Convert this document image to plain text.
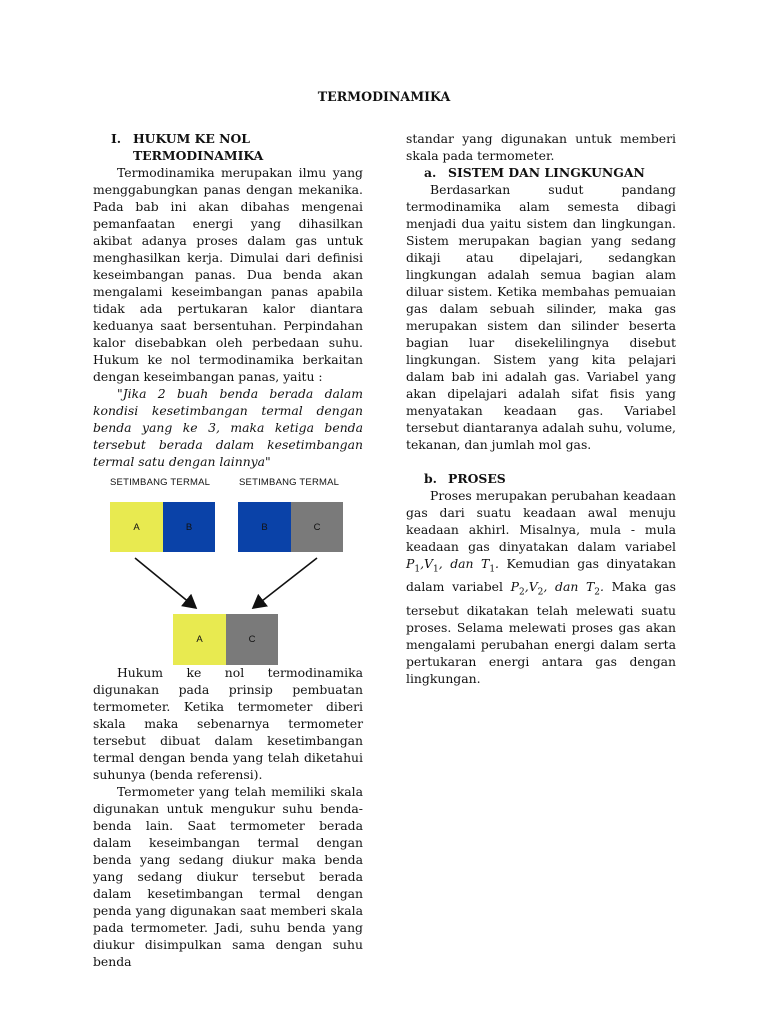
TERMODINAMIKA
I. HUKUM KE NOL TERMODINAMIKA

Termodinamika merupakan ilmu yang menggabungkan panas dengan mekanika. Pada bab ini akan dibahas mengenai pemanfaatan energi yang dihasilkan akibat adanya proses dalam gas untuk menghasilkan kerja. Dimulai dari definisi keseimbangan panas. Dua benda akan mengalami keseimbangan panas apabila tidak ada pertukaran kalor diantara keduanya saat bersentuhan. Perpindahan kalor disebabkan oleh perbedaan suhu. Hukum ke nol termodinamika berkaitan dengan keseimbangan panas, yaitu :

"Jika 2 buah benda berada dalam kondisi kesetimbangan termal dengan benda yang ke 3, maka ketiga benda tersebut berada dalam kesetimbangan termal satu dengan lainnya"

SETIMBANG TERMAL	SETIMBANG TERMAL
A	B	B	C
A	C

Hukum ke nol termodinamika digunakan pada prinsip pembuatan termometer. Ketika termometer diberi skala maka sebenarnya termometer tersebut dibuat dalam kesetimbangan termal dengan benda yang telah diketahui suhunya (benda referensi).

Termometer yang telah memiliki skala digunakan untuk mengukur suhu benda-benda lain. Saat termometer berada dalam keseimbangan termal dengan benda yang sedang diukur maka benda yang sedang diukur tersebut berada dalam kesetimbangan termal dengan penda yang digunakan saat memberi skala pada termometer. Jadi, suhu benda yang diukur disimpulkan sama dengan suhu benda

standar yang digunakan untuk memberi skala pada termometer.

a. SISTEM DAN LINGKUNGAN

Berdasarkan sudut pandang termodinamika alam semesta dibagi menjadi dua yaitu sistem dan lingkungan. Sistem merupakan bagian yang sedang dikaji atau dipelajari, sedangkan lingkungan adalah semua bagian alam diluar sistem. Ketika membahas pemuaian gas dalam sebuah silinder, maka gas merupakan sistem dan silinder beserta bagian luar disekelilingnya disebut lingkungan. Sistem yang kita pelajari dalam bab ini adalah gas. Variabel yang akan dipelajari adalah sifat fisis yang menyatakan keadaan gas. Variabel tersebut diantaranya adalah suhu, volume, tekanan, dan jumlah mol gas.

b. PROSES

Proses merupakan perubahan keadaan gas dari suatu keadaan awal menuju keadaan akhirl. Misalnya, mula - mula keadaan gas dinyatakan dalam variabel $P_1,V_1$, dan $T_1$. Kemudian gas dinyatakan dalam variabel $P_2,V_2$, dan $T_2$. Maka gas tersebut dikatakan telah melewati suatu proses. Selama melewati proses gas akan mengalami perubahan energi dalam serta pertukaran energi antara gas dengan lingkungan.
